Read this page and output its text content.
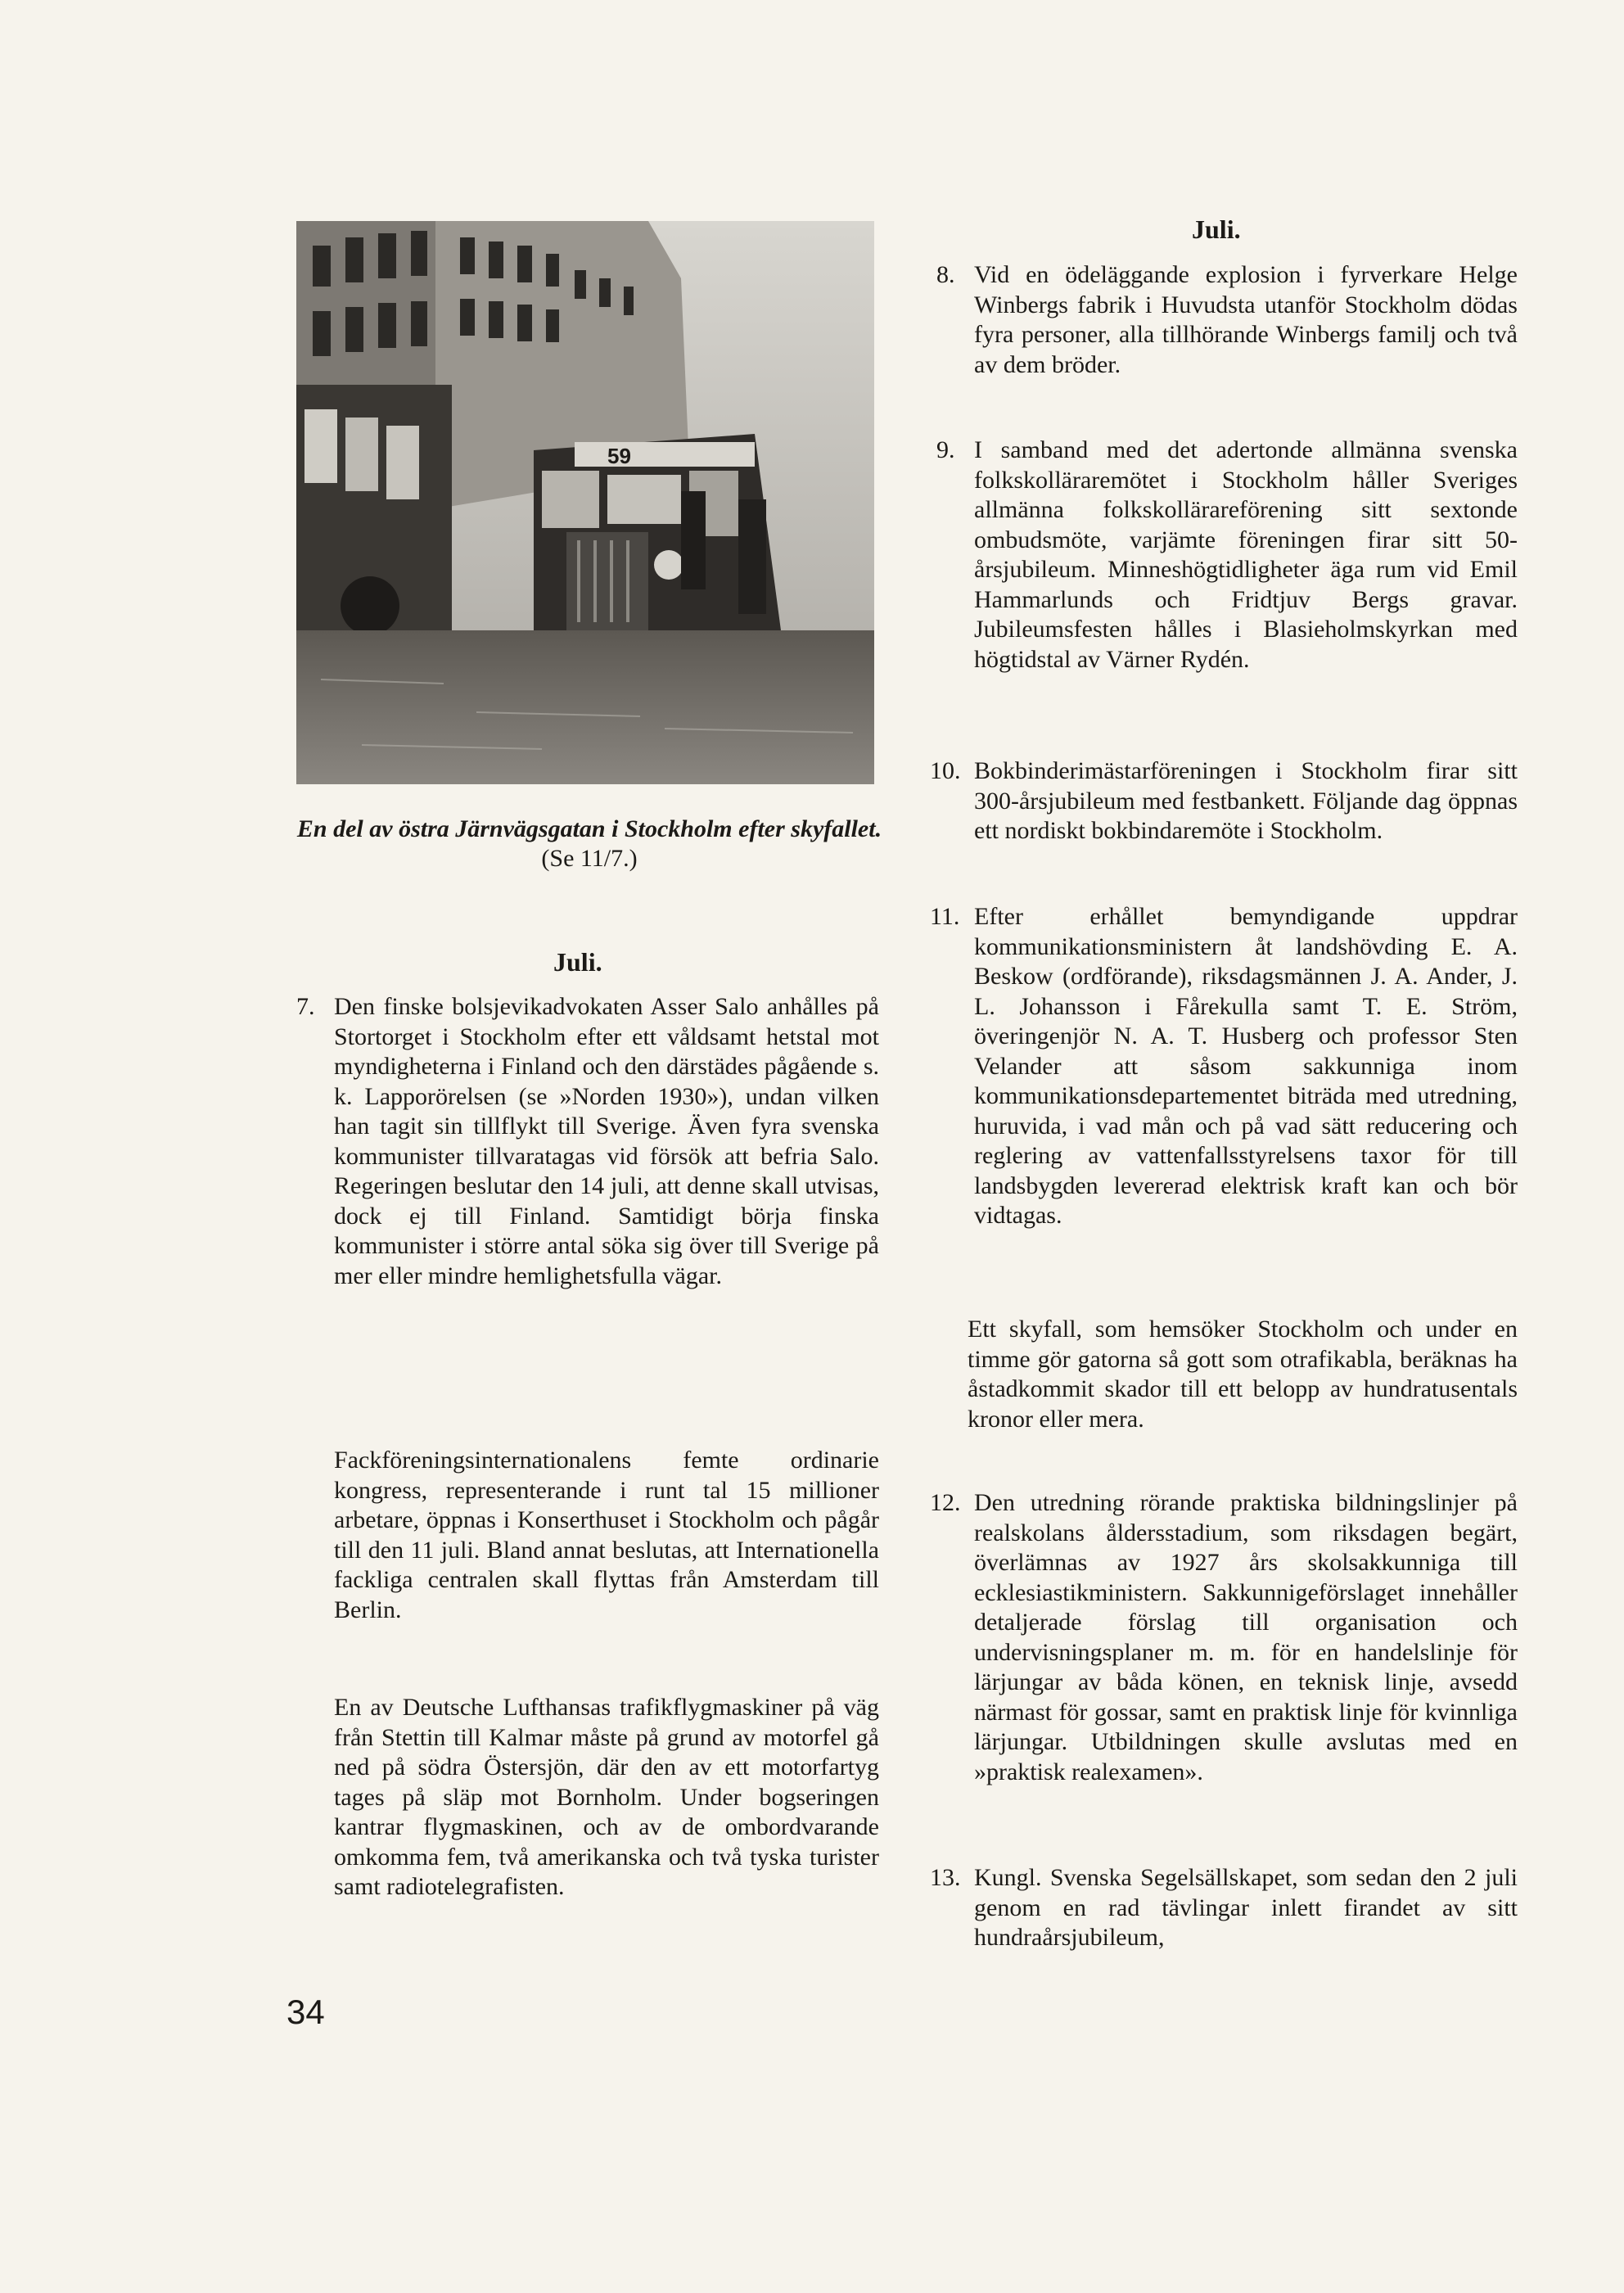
59
En del av östra Järnvägsgatan i Stockholm efter skyfallet. (Se 11/7.)
Juli.
7. Den finske bolsjevikadvokaten Asser Salo anhålles på Stortorget i Stockholm efter ett våldsamt hetstal mot myndigheterna i Finland och den därstädes pågående s. k. Lapporörelsen (se »Norden 1930»), undan vilken han tagit sin tillflykt till Sverige. Även fyra svenska kommunister tillvaratagas vid försök att befria Salo. Regeringen beslutar den 14 juli, att denne skall utvisas, dock ej till Finland. Samtidigt börja finska kommunister i större antal söka sig över till Sverige på mer eller mindre hemlighetsfulla vägar.
Fackföreningsinternationalens femte ordinarie kongress, representerande i runt tal 15 millioner arbetare, öppnas i Konserthuset i Stockholm och pågår till den 11 juli. Bland annat beslutas, att Internationella fackliga centralen skall flyttas från Amsterdam till Berlin.
En av Deutsche Lufthansas trafikflygmaskiner på väg från Stettin till Kalmar måste på grund av motorfel gå ned på södra Östersjön, där den av ett motorfartyg tages på släp mot Bornholm. Under bogseringen kantrar flygmaskinen, och av de ombordvarande omkomma fem, två amerikanska och två tyska turister samt radiotelegrafisten.
Juli.
8. Vid en ödeläggande explosion i fyrverkare Helge Winbergs fabrik i Huvudsta utanför Stockholm dödas fyra personer, alla tillhörande Winbergs familj och två av dem bröder.
9. I samband med det adertonde allmänna svenska folkskolläraremötet i Stockholm håller Sveriges allmänna folkskollärareförening sitt sextonde ombudsmöte, varjämte föreningen firar sitt 50-årsjubileum. Minneshögtidligheter äga rum vid Emil Hammarlunds och Fridtjuv Bergs gravar. Jubileumsfesten hålles i Blasieholmskyrkan med högtidstal av Värner Rydén.
10. Bokbinderimästarföreningen i Stockholm firar sitt 300-årsjubileum med festbankett. Följande dag öppnas ett nordiskt bokbindaremöte i Stockholm.
11. Efter erhållet bemyndigande uppdrar kommunikationsministern åt landshövding E. A. Beskow (ordförande), riksdagsmännen J. A. Ander, J. L. Johansson i Fårekulla samt T. E. Ström, överingenjör N. A. T. Husberg och professor Sten Velander att såsom sakkunniga inom kommunikationsdepartementet biträda med utredning, huruvida, i vad mån och på vad sätt reducering och reglering av vattenfallsstyrelsens taxor för till landsbygden levererad elektrisk kraft kan och bör vidtagas.
Ett skyfall, som hemsöker Stockholm och under en timme gör gatorna så gott som otrafikabla, beräknas ha åstadkommit skador till ett belopp av hundratusentals kronor eller mera.
12. Den utredning rörande praktiska bildningslinjer på realskolans åldersstadium, som riksdagen begärt, överlämnas av 1927 års skolsakkunniga till ecklesiastikministern. Sakkunnigeförslaget innehåller detaljerade förslag till organisation och undervisningsplaner m. m. för en handelslinje för lärjungar av båda könen, en teknisk linje, avsedd närmast för gossar, samt en praktisk linje för kvinnliga lärjungar. Utbildningen skulle avslutas med en »praktisk realexamen».
13. Kungl. Svenska Segelsällskapet, som sedan den 2 juli genom en rad tävlingar inlett firandet av sitt hundraårsjubileum,
34
